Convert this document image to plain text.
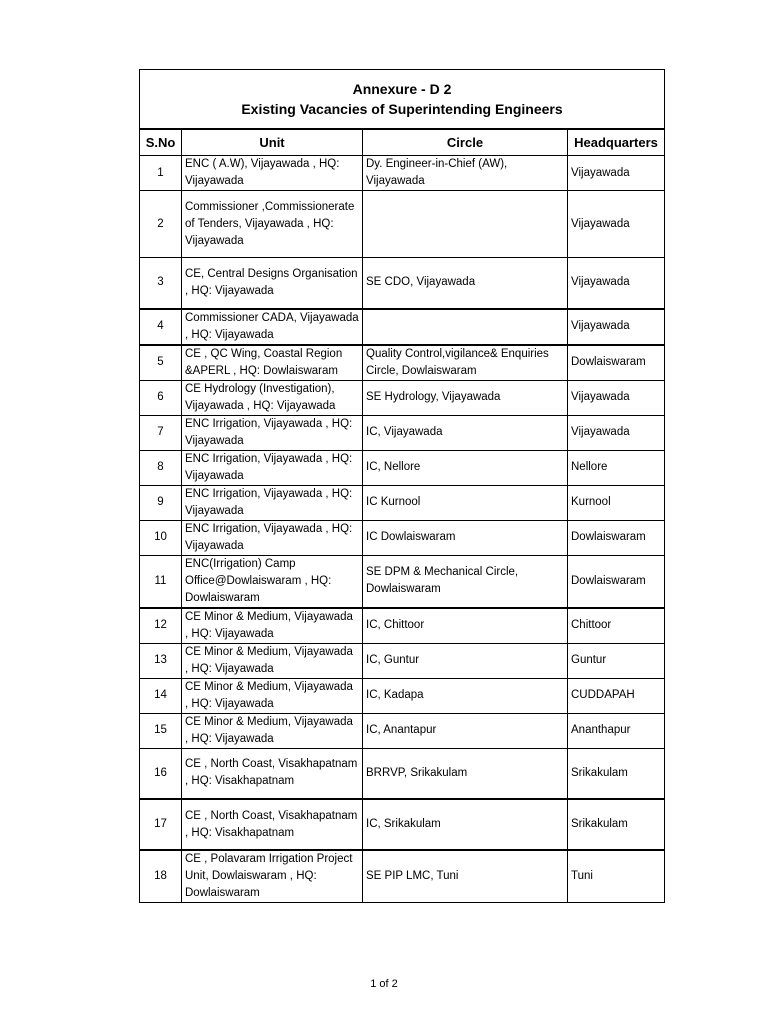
Annexure - D 2
Existing Vacancies of Superintending Engineers			

S.No	Unit	Circle	Headquarters
1	ENC ( A.W), Vijayawada , HQ: Vijayawada	Dy. Engineer-in-Chief (AW), Vijayawada	Vijayawada
2	Commissioner ,Commissionerate of Tenders, Vijayawada , HQ: Vijayawada		Vijayawada
3	CE, Central Designs Organisation , HQ: Vijayawada	SE CDO, Vijayawada	Vijayawada
4	Commissioner CADA, Vijayawada , HQ: Vijayawada		Vijayawada
5	CE , QC Wing, Coastal Region &APERL , HQ: Dowlaiswaram	Quality Control,vigilance& Enquiries Circle, Dowlaiswaram	Dowlaiswaram
6	CE Hydrology (Investigation), Vijayawada , HQ: Vijayawada	SE Hydrology, Vijayawada	Vijayawada
7	ENC Irrigation, Vijayawada , HQ: Vijayawada	IC, Vijayawada	Vijayawada
8	ENC Irrigation, Vijayawada , HQ: Vijayawada	IC, Nellore	Nellore
9	ENC Irrigation, Vijayawada , HQ: Vijayawada	IC Kurnool	Kurnool
10	ENC Irrigation, Vijayawada , HQ: Vijayawada	IC Dowlaiswaram	Dowlaiswaram
11	ENC(Irrigation) Camp Office@Dowlaiswaram , HQ: Dowlaiswaram	SE DPM & Mechanical Circle, Dowlaiswaram	Dowlaiswaram
12	CE Minor & Medium, Vijayawada , HQ: Vijayawada	IC, Chittoor	Chittoor
13	CE Minor & Medium, Vijayawada , HQ: Vijayawada	IC, Guntur	Guntur
14	CE Minor & Medium, Vijayawada , HQ: Vijayawada	IC, Kadapa	CUDDAPAH
15	CE Minor & Medium, Vijayawada , HQ: Vijayawada	IC, Anantapur	Ananthapur
16	CE , North Coast, Visakhapatnam , HQ: Visakhapatnam	BRRVP, Srikakulam	Srikakulam
17	CE , North Coast, Visakhapatnam , HQ: Visakhapatnam	IC, Srikakulam	Srikakulam
18	CE , Polavaram Irrigation Project Unit, Dowlaiswaram , HQ: Dowlaiswaram	SE PIP LMC, Tuni	Tuni
1 of 2
